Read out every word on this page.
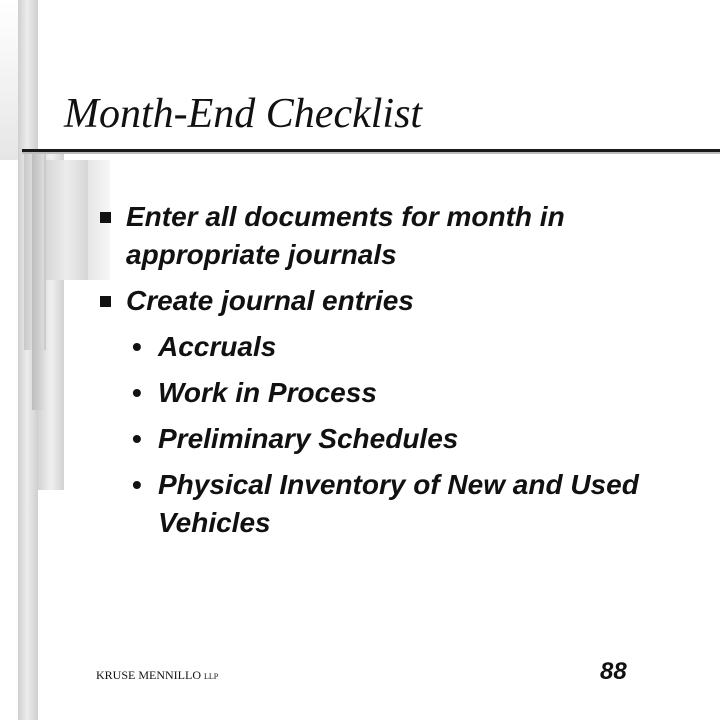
Month-End Checklist
Enter all documents for month in appropriate journals
Create journal entries
• Accruals
• Work in Process
• Preliminary Schedules
• Physical Inventory of New and Used Vehicles
KRUSE MENNILLO LLP	88
